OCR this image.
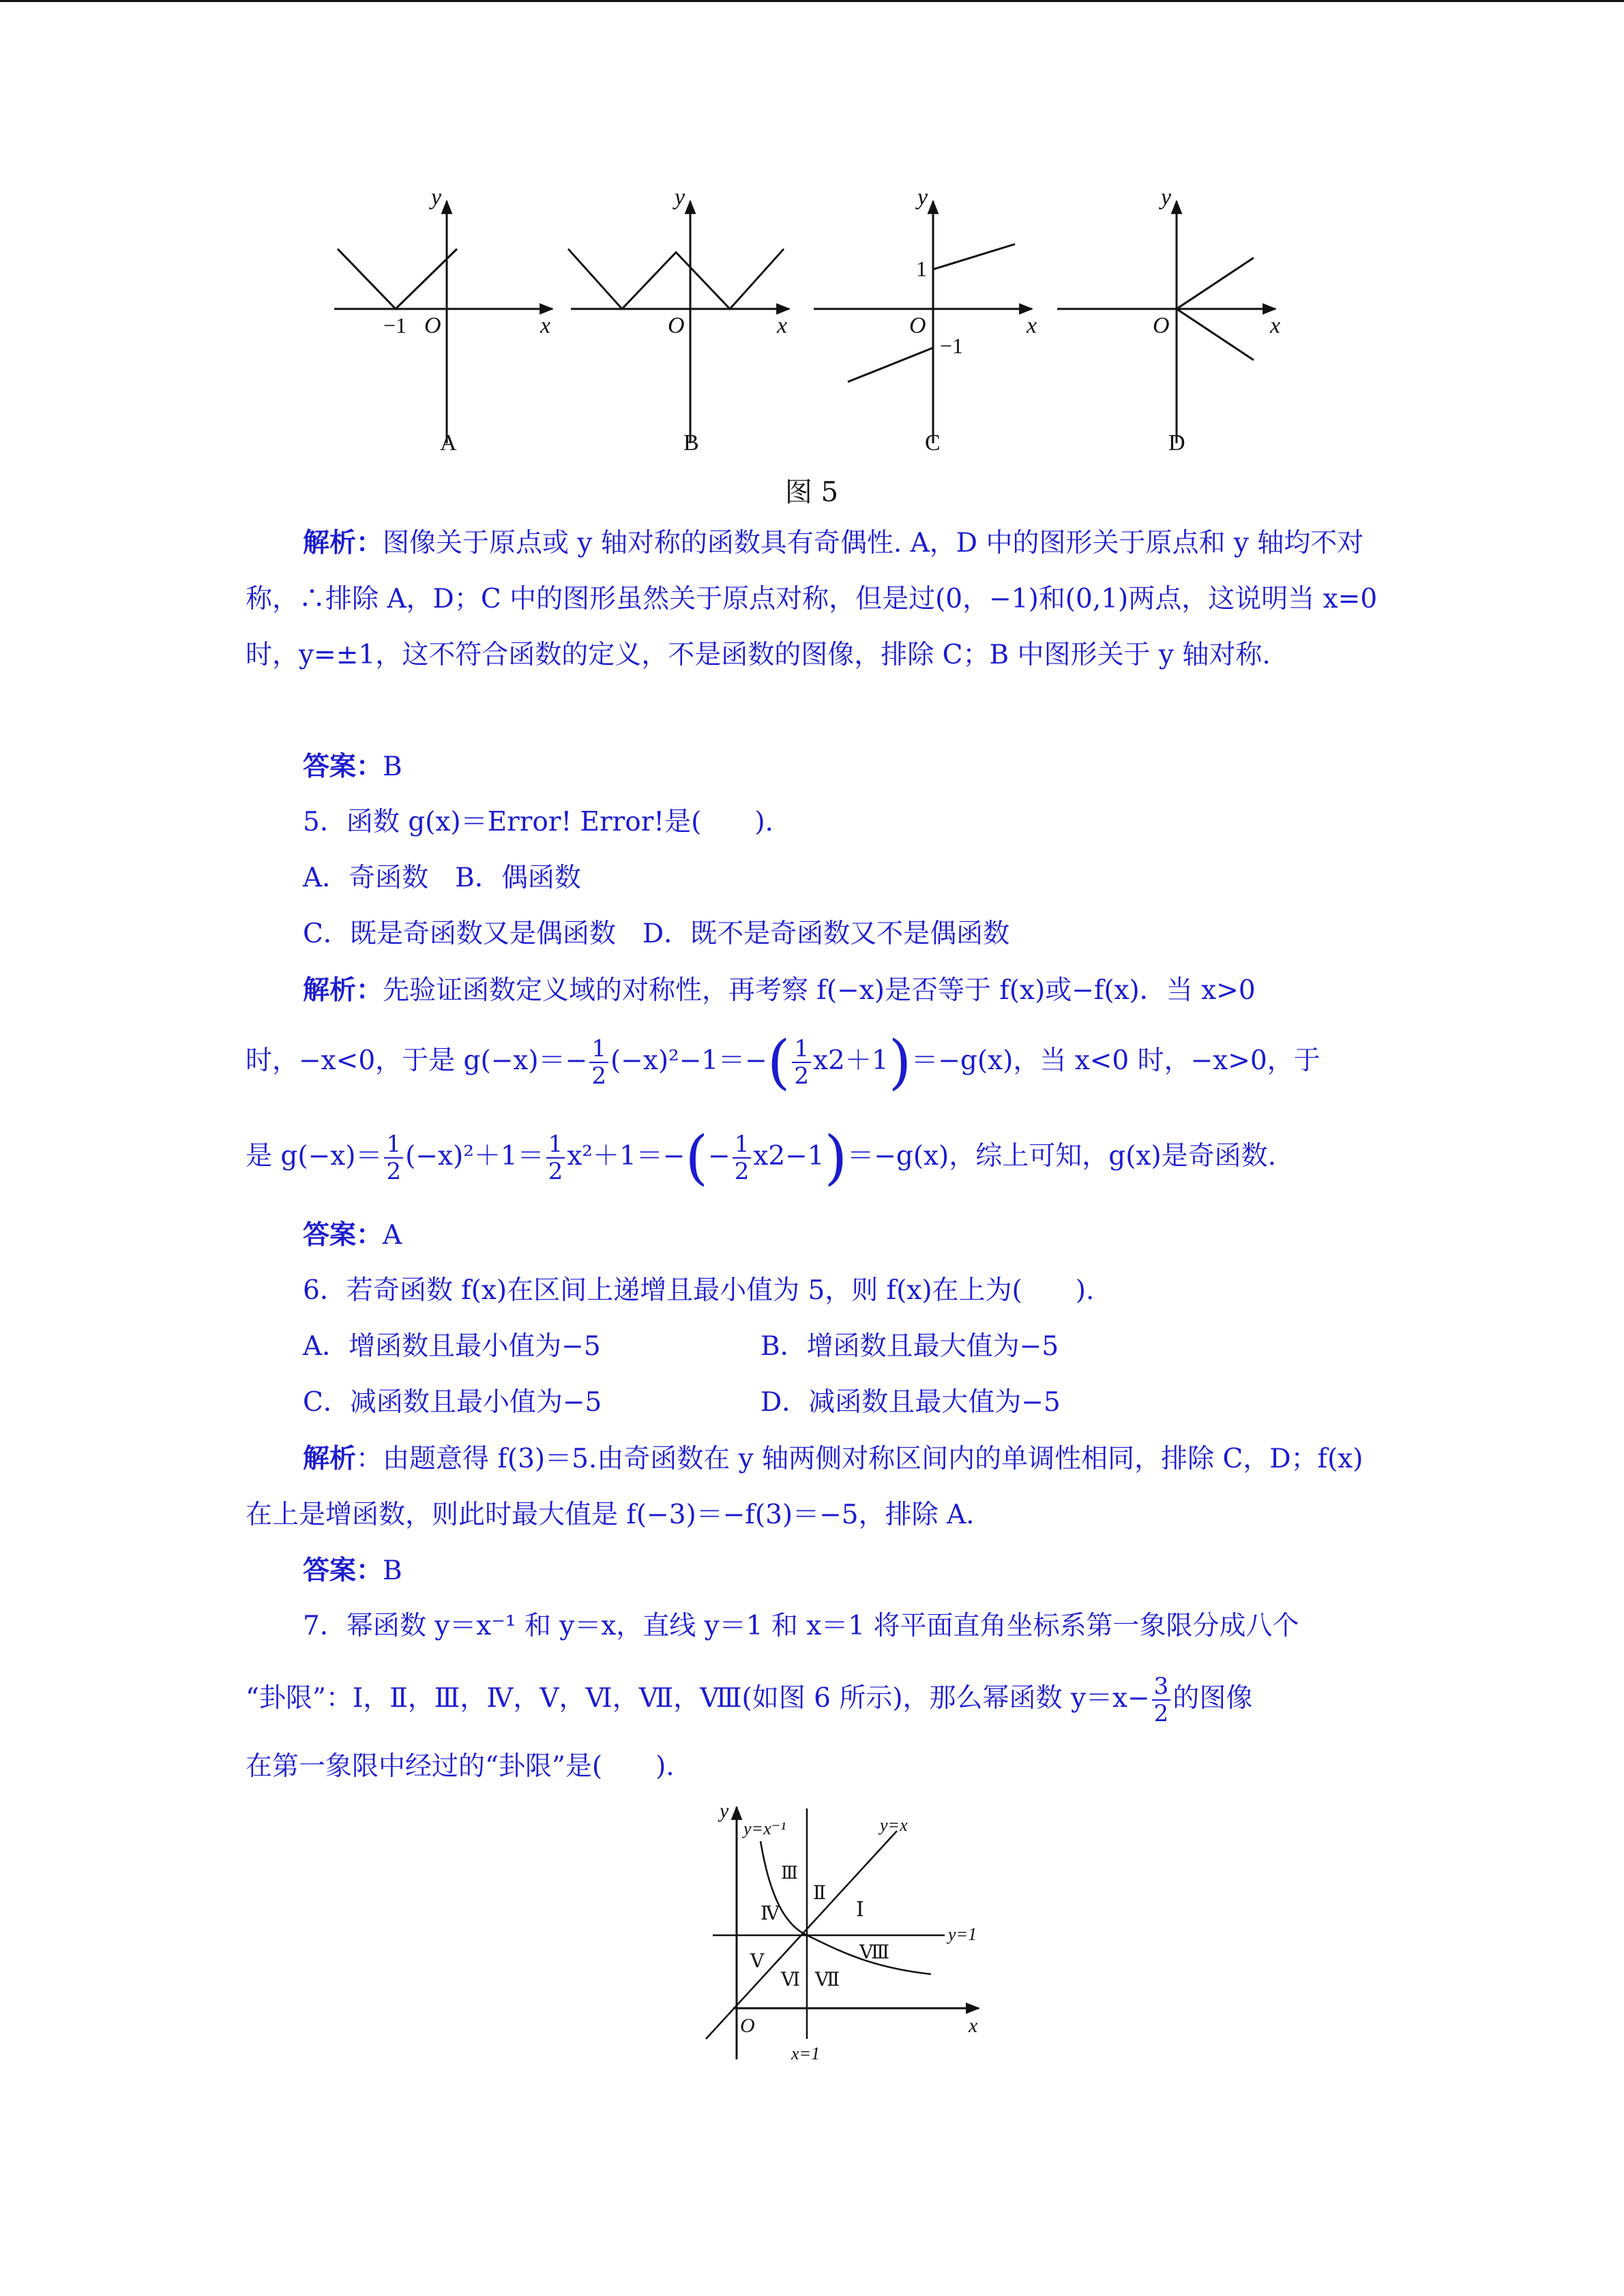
y
x
O
−1
A
y
x
O
B
y
x
O
1
−1
C
y
x
O
D
图 5

解析：图像关于原点或 y 轴对称的函数具有奇偶性. A，D 中的图形关于原点和 y 轴均不对称，∴排除 A，D；C 中的图形虽然关于原点对称，但是过(0，−1)和(0,1)两点，这说明当 x=0 时，y=±1，这不符合函数的定义，不是函数的图像，排除 C；B 中图形关于 y 轴对称.

答案：B

5．函数 g(x)＝Error! Error!是(　　).

A．奇函数　B．偶函数

C．既是奇函数又是偶函数　D．既不是奇函数又不是偶函数

解析：先验证函数定义域的对称性，再考察 f(−x)是否等于 f(x)或−f(x)．当 x>0

时，−x<0，于是 $g(-x)=- \frac{1}{2} (-x)^2-1=-( \frac{1}{2} x2+1)=-g(x)$，当 x<0 时，−x>0，于
是 $g(-x)= \frac{1}{2} (-x)^2+1= \frac{1}{2} x^2+1=-(- \frac{1}{2} x2-1)=-g(x)$，综上可知，g(x)是奇函数.

答案：A

6．若奇函数 f(x)在区间上递增且最小值为 5，则 f(x)在上为(　　).

A．增函数且最小值为−5	B．增函数且最大值为−5
C．减函数且最小值为−5	D．减函数且最大值为−5

解析：由题意得 f(3)＝5.由奇函数在 y 轴两侧对称区间内的单调性相同，排除 C，D；f(x)在上是增函数，则此时最大值是 f(−3)＝−f(3)＝−5，排除 A.

答案：B

7．幂函数 y＝x⁻¹ 和 y＝x，直线 y＝1 和 x＝1 将平面直角坐标系第一象限分成八个

“卦限”：Ⅰ，Ⅱ，Ⅲ，Ⅳ，Ⅴ，Ⅵ，Ⅶ，Ⅷ(如图 6 所示)，那么幂函数 $y=x- \frac{3}{2}$ 的图像

在第一象限中经过的“卦限”是(　　).

y
x
O
y=x⁻¹	y=x
y=1
x=1
Ⅰ
Ⅱ
Ⅲ
Ⅳ
Ⅴ
Ⅵ Ⅶ
Ⅷ
